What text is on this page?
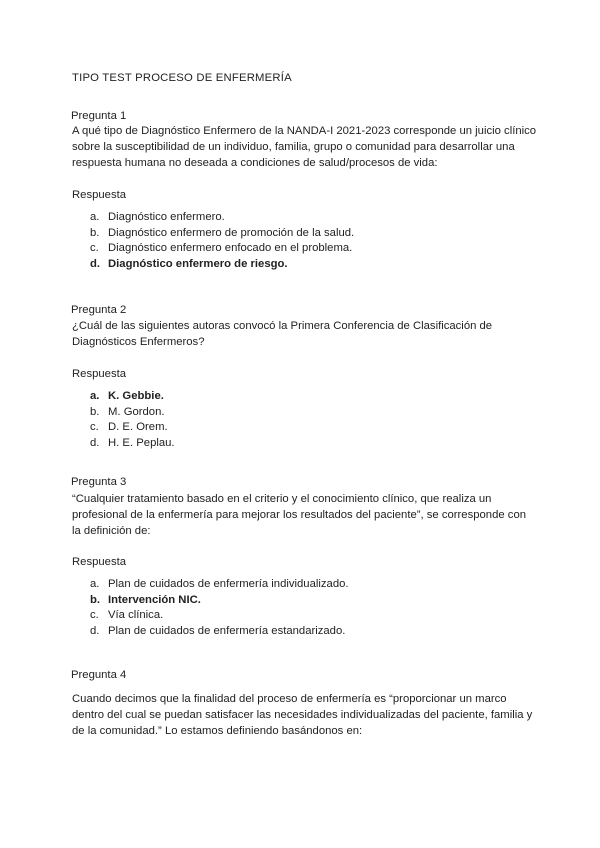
TIPO TEST PROCESO DE ENFERMERÍA
Pregunta 1
A qué tipo de Diagnóstico Enfermero de la NANDA-I 2021-2023 corresponde un juicio clínico
sobre la susceptibilidad de un individuo, familia, grupo o comunidad para desarrollar una
respuesta humana no deseada a condiciones de salud/procesos de vida:
Respuesta
a. Diagnóstico enfermero.
b. Diagnóstico enfermero de promoción de la salud.
c. Diagnóstico enfermero enfocado en el problema.
d. Diagnóstico enfermero de riesgo.
Pregunta 2
¿Cuál de las siguientes autoras convocó la Primera Conferencia de Clasificación de
Diagnósticos Enfermeros?
Respuesta
a. K. Gebbie.
b. M. Gordon.
c. D. E. Orem.
d. H. E. Peplau.
Pregunta 3
“Cualquier tratamiento basado en el criterio y el conocimiento clínico, que realiza un
profesional de la enfermería para mejorar los resultados del paciente”, se corresponde con
la definición de:
Respuesta
a. Plan de cuidados de enfermería individualizado.
b. Intervención NIC.
c. Vía clínica.
d. Plan de cuidados de enfermería estandarizado.
Pregunta 4
Cuando decimos que la finalidad del proceso de enfermería es “proporcionar un marco
dentro del cual se puedan satisfacer las necesidades individualizadas del paciente, familia y
de la comunidad.” Lo estamos definiendo basándonos en:
